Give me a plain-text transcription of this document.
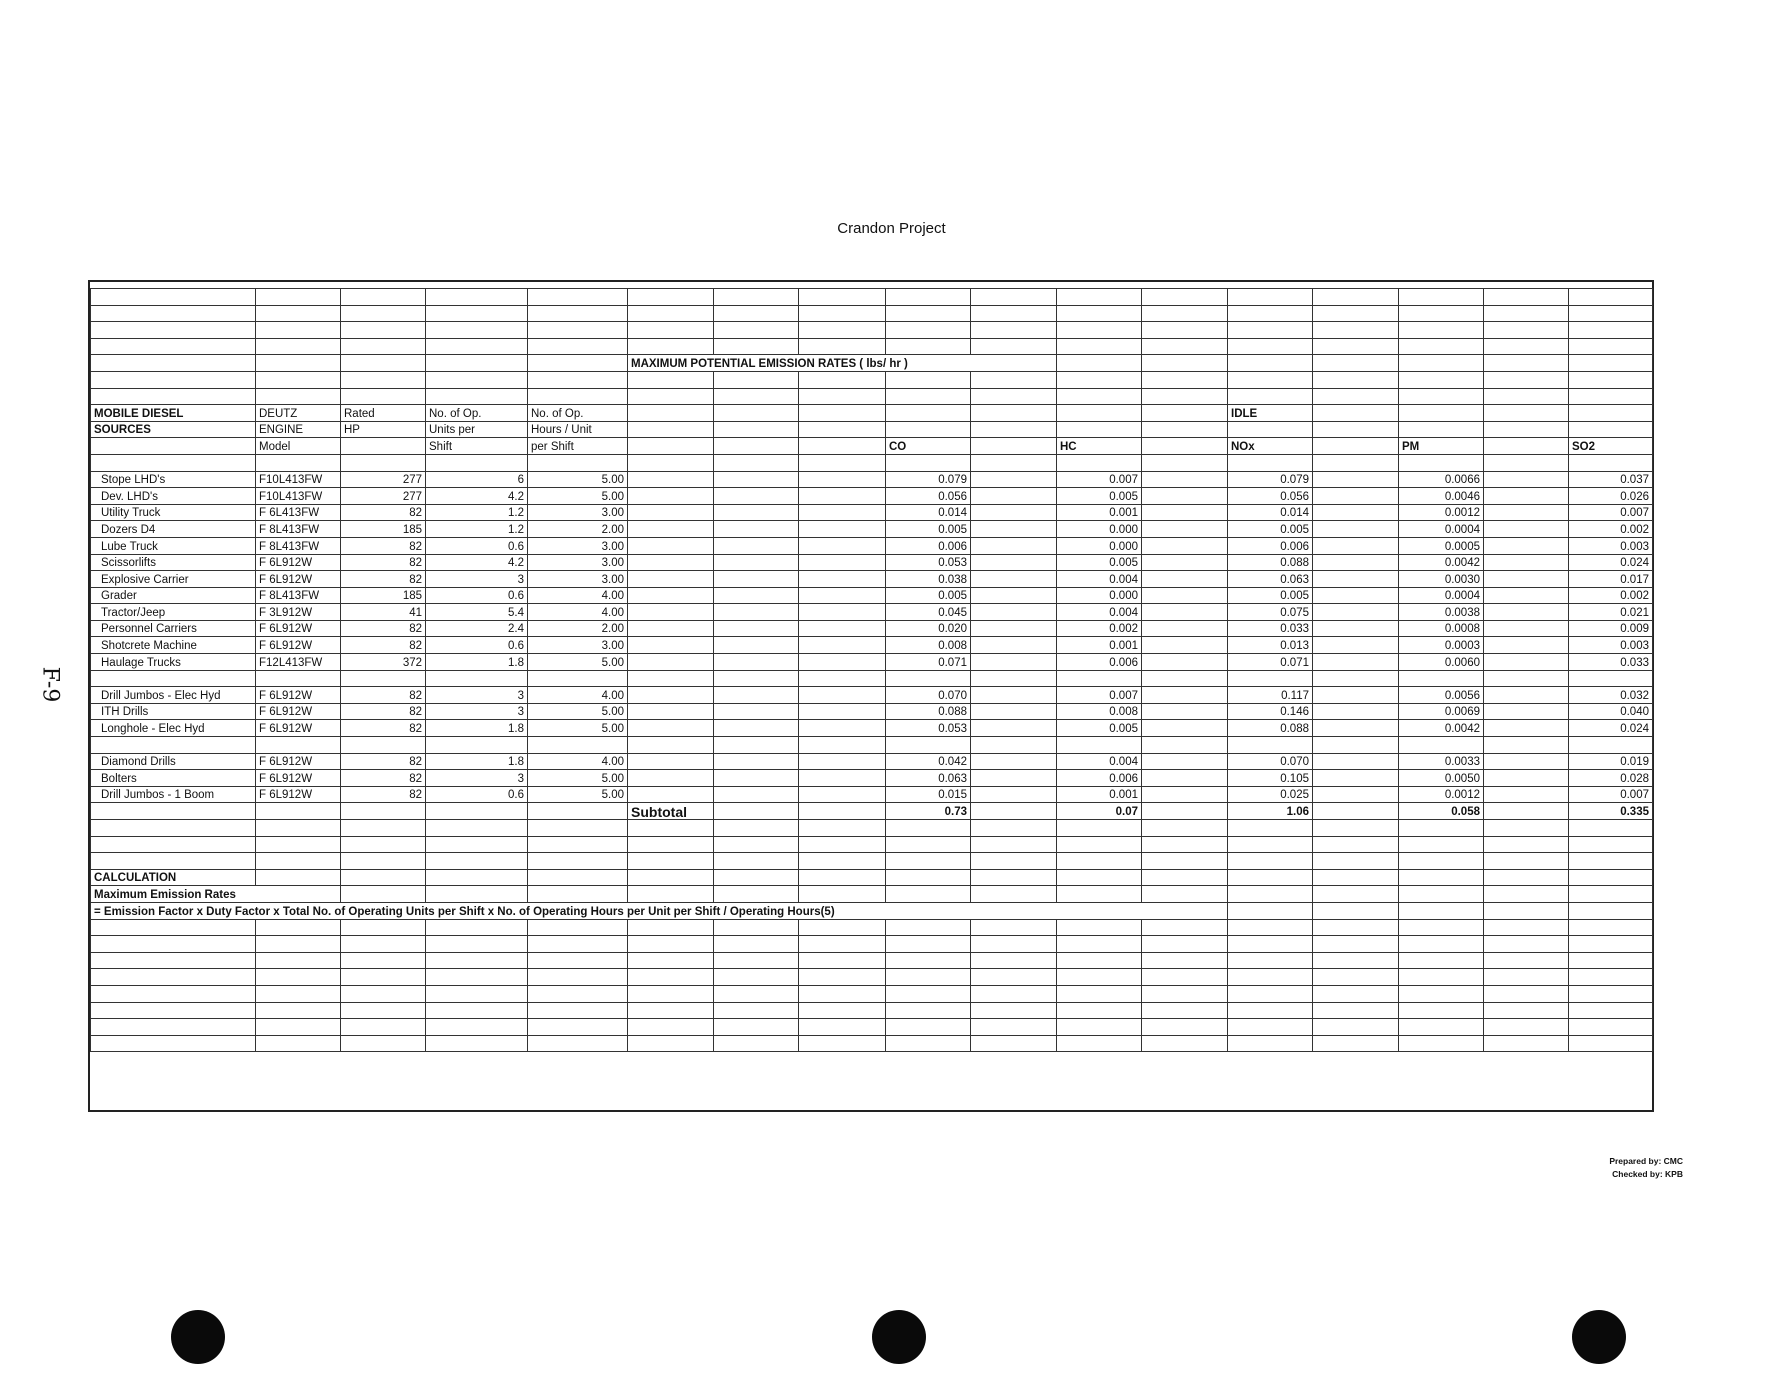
Crandon Project
F-9

					MAXIMUM POTENTIAL EMISSION RATES ( lbs/ hr )											

MOBILE DIESEL	DEUTZ	Rated	No. of Op.	No. of Op.								IDLE				
SOURCES	ENGINE	HP	Units per	Hours / Unit												
	Model		Shift	per Shift				CO		HC		NOx		PM		SO2

Stope LHD's	F10L413FW	277	6	5.00				0.079		0.007		0.079		0.0066		0.037
Dev. LHD's	F10L413FW	277	4.2	5.00				0.056		0.005		0.056		0.0046		0.026
Utility Truck	F 6L413FW	82	1.2	3.00				0.014		0.001		0.014		0.0012		0.007
Dozers D4	F 8L413FW	185	1.2	2.00				0.005		0.000		0.005		0.0004		0.002
Lube Truck	F 8L413FW	82	0.6	3.00				0.006		0.000		0.006		0.0005		0.003
Scissorlifts	F 6L912W	82	4.2	3.00				0.053		0.005		0.088		0.0042		0.024
Explosive Carrier	F 6L912W	82	3	3.00				0.038		0.004		0.063		0.0030		0.017
Grader	F 8L413FW	185	0.6	4.00				0.005		0.000		0.005		0.0004		0.002
Tractor/Jeep	F 3L912W	41	5.4	4.00				0.045		0.004		0.075		0.0038		0.021
Personnel Carriers	F 6L912W	82	2.4	2.00				0.020		0.002		0.033		0.0008		0.009
Shotcrete Machine	F 6L912W	82	0.6	3.00				0.008		0.001		0.013		0.0003		0.003
Haulage Trucks	F12L413FW	372	1.8	5.00				0.071		0.006		0.071		0.0060		0.033

Drill Jumbos - Elec Hyd	F 6L912W	82	3	4.00				0.070		0.007		0.117		0.0056		0.032
ITH Drills	F 6L912W	82	3	5.00				0.088		0.008		0.146		0.0069		0.040
Longhole - Elec Hyd	F 6L912W	82	1.8	5.00				0.053		0.005		0.088		0.0042		0.024

Diamond Drills	F 6L912W	82	1.8	4.00				0.042		0.004		0.070		0.0033		0.019
Bolters	F 6L912W	82	3	5.00				0.063		0.006		0.105		0.0050		0.028
Drill Jumbos - 1 Boom	F 6L912W	82	0.6	5.00				0.015		0.001		0.025		0.0012		0.007
					Subtotal			0.73		0.07		1.06		0.058		0.335

CALCULATION																
Maximum Emission Rates																
= Emission Factor x Duty Factor x Total No. of Operating Units per Shift x No. of Operating Hours per Unit per Shift / Operating Hours(5)																

Prepared by: CMC
Checked by: KPB
